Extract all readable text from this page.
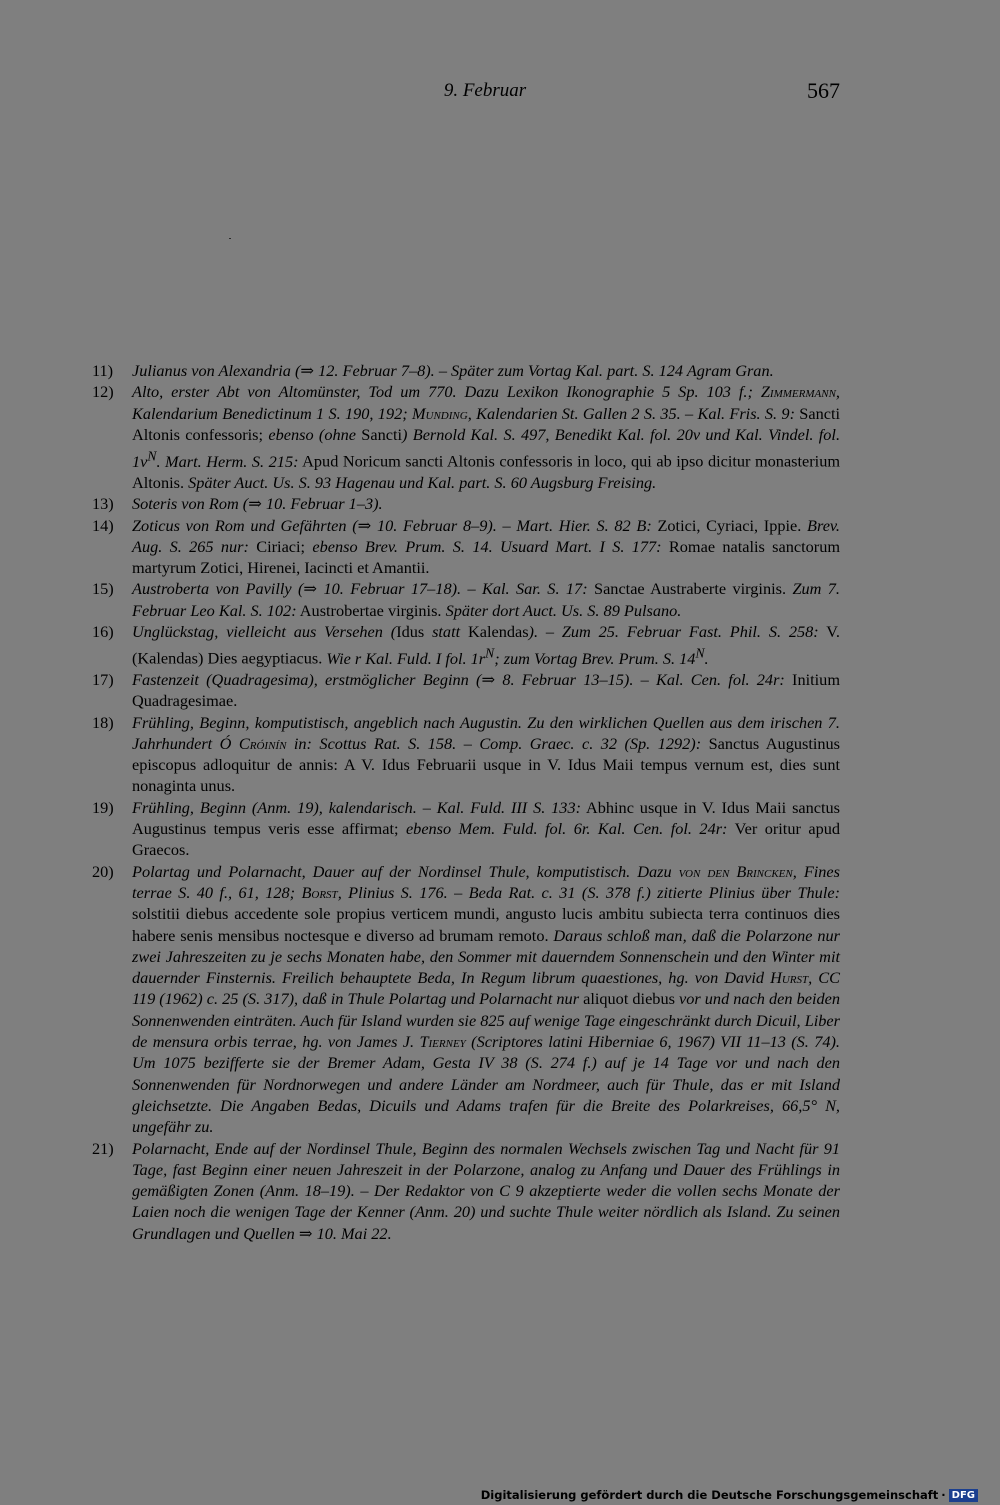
9. Februar	567
11)	Julianus von Alexandria (⇒ 12. Februar 7–8). – Später zum Vortag Kal. part. S. 124 Agram Gran.
12)	Alto, erster Abt von Altomünster, Tod um 770. Dazu Lexikon Ikonographie 5 Sp. 103 f.; Zimmermann, Kalendarium Benedictinum 1 S. 190, 192; Munding, Kalendarien St. Gallen 2 S. 35. – Kal. Fris. S. 9: Sancti Altonis confessoris; ebenso (ohne Sancti) Bernold Kal. S. 497, Benedikt Kal. fol. 20v und Kal. Vindel. fol. $1v^N$. Mart. Herm. S. 215: Apud Noricum sancti Altonis confessoris in loco, qui ab ipso dicitur monasterium Altonis. Später Auct. Us. S. 93 Hagenau und Kal. part. S. 60 Augsburg Freising.
13)	Soteris von Rom (⇒ 10. Februar 1–3).
14)	Zoticus von Rom und Gefährten (⇒ 10. Februar 8–9). – Mart. Hier. S. 82 B: Zotici, Cyriaci, Ippie. Brev. Aug. S. 265 nur: Ciriaci; ebenso Brev. Prum. S. 14. Usuard Mart. I S. 177: Romae natalis sanctorum martyrum Zotici, Hirenei, Iacincti et Amantii.
15)	Austroberta von Pavilly (⇒ 10. Februar 17–18). – Kal. Sar. S. 17: Sanctae Austraberte virginis. Zum 7. Februar Leo Kal. S. 102: Austrobertae virginis. Später dort Auct. Us. S. 89 Pulsano.
16)	Unglückstag, vielleicht aus Versehen (Idus statt Kalendas). – Zum 25. Februar Fast. Phil. S. 258: V. (Kalendas) Dies aegyptiacus. Wie r Kal. Fuld. I fol. $1r^N$; zum Vortag Brev. Prum. S. $14^N$.
17)	Fastenzeit (Quadragesima), erstmöglicher Beginn (⇒ 8. Februar 13–15). – Kal. Cen. fol. 24r: Initium Quadragesimae.
18)	Frühling, Beginn, komputistisch, angeblich nach Augustin. Zu den wirklichen Quellen aus dem irischen 7. Jahrhundert Ó Cróinín in: Scottus Rat. S. 158. – Comp. Graec. c. 32 (Sp. 1292): Sanctus Augustinus episcopus adloquitur de annis: A V. Idus Februarii usque in V. Idus Maii tempus vernum est, dies sunt nonaginta unus.
19)	Frühling, Beginn (Anm. 19), kalendarisch. – Kal. Fuld. III S. 133: Abhinc usque in V. Idus Maii sanctus Augustinus tempus veris esse affirmat; ebenso Mem. Fuld. fol. 6r. Kal. Cen. fol. 24r: Ver oritur apud Graecos.
20)	Polartag und Polarnacht, Dauer auf der Nordinsel Thule, komputistisch. Dazu von den Brincken, Fines terrae S. 40 f., 61, 128; Borst, Plinius S. 176. – Beda Rat. c. 31 (S. 378 f.) zitierte Plinius über Thule: solstitii diebus accedente sole propius verticem mundi, angusto lucis ambitu subiecta terra continuos dies habere senis mensibus noctesque e diverso ad brumam remoto. Daraus schloß man, daß die Polarzone nur zwei Jahreszeiten zu je sechs Monaten habe, den Sommer mit dauerndem Sonnenschein und den Winter mit dauernder Finsternis. Freilich behauptete Beda, In Regum librum quaestiones, hg. von David Hurst, CC 119 (1962) c. 25 (S. 317), daß in Thule Polartag und Polarnacht nur aliquot diebus vor und nach den beiden Sonnenwenden einträten. Auch für Island wurden sie 825 auf wenige Tage eingeschränkt durch Dicuil, Liber de mensura orbis terrae, hg. von James J. Tierney (Scriptores latini Hiberniae 6, 1967) VII 11–13 (S. 74). Um 1075 bezifferte sie der Bremer Adam, Gesta IV 38 (S. 274 f.) auf je 14 Tage vor und nach den Sonnenwenden für Nordnorwegen und andere Länder am Nordmeer, auch für Thule, das er mit Island gleichsetzte. Die Angaben Bedas, Dicuils und Adams trafen für die Breite des Polarkreises, 66,5° N, ungefähr zu.
21)	Polarnacht, Ende auf der Nordinsel Thule, Beginn des normalen Wechsels zwischen Tag und Nacht für 91 Tage, fast Beginn einer neuen Jahreszeit in der Polarzone, analog zu Anfang und Dauer des Frühlings in gemäßigten Zonen (Anm. 18–19). – Der Redaktor von C 9 akzeptierte weder die vollen sechs Monate der Laien noch die wenigen Tage der Kenner (Anm. 20) und suchte Thule weiter nördlich als Island. Zu seinen Grundlagen und Quellen ⇒ 10. Mai 22.
Digitalisierung gefördert durch die Deutsche Forschungsgemeinschaft · DFG
